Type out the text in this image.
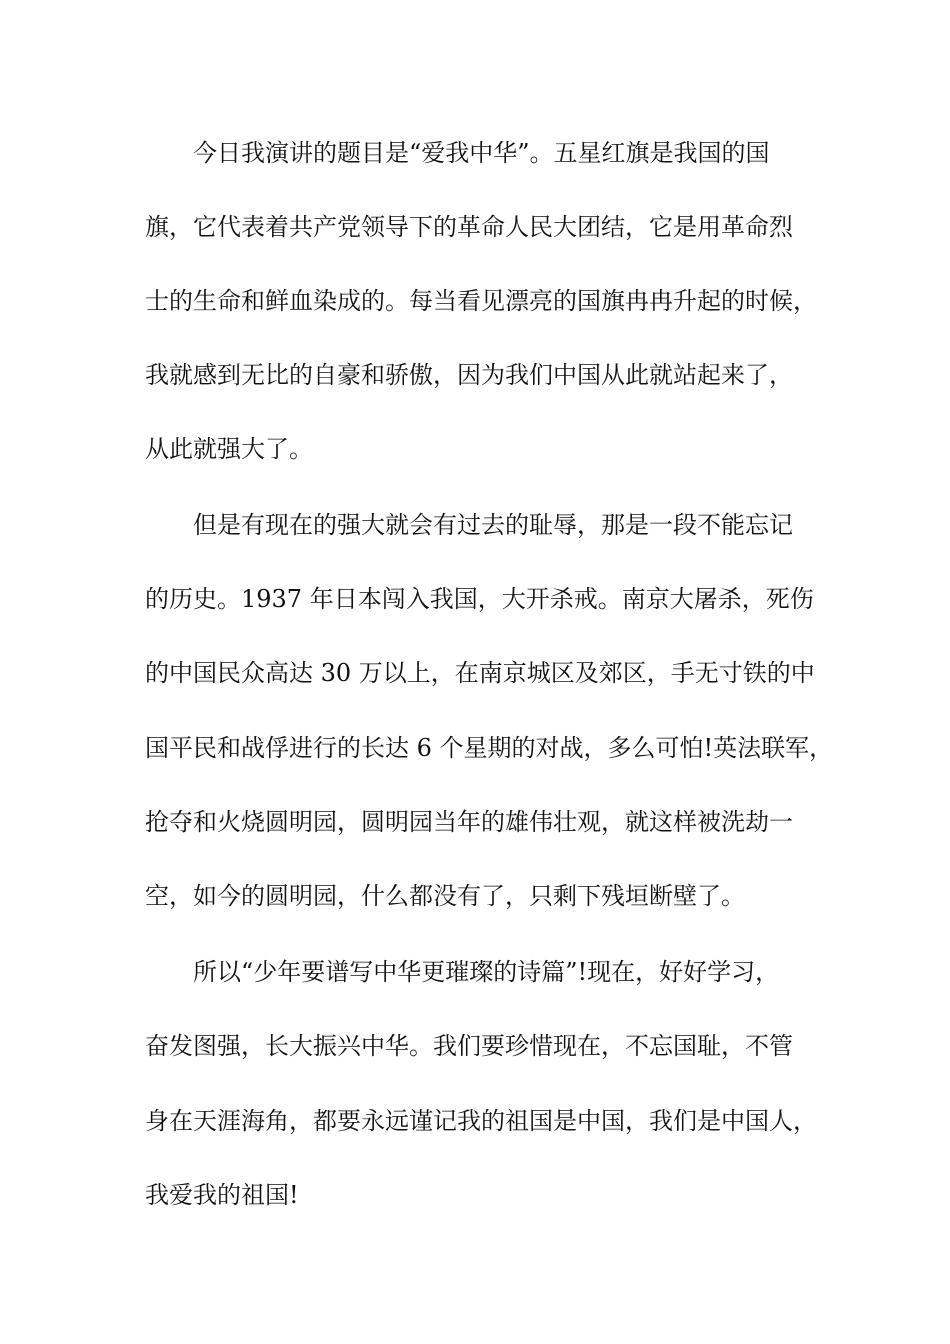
今日我演讲的题目是“爱我中华”。五星红旗是我国的国
旗，它代表着共产党领导下的革命人民大团结，它是用革命烈
士的生命和鲜血染成的。每当看见漂亮的国旗冉冉升起的时候，
我就感到无比的自豪和骄傲，因为我们中国从此就站起来了，
从此就强大了。
但是有现在的强大就会有过去的耻辱，那是一段不能忘记
的历史。1937 年日本闯入我国，大开杀戒。南京大屠杀，死伤
的中国民众高达 30 万以上，在南京城区及郊区，手无寸铁的中
国平民和战俘进行的长达 6 个星期的对战，多么可怕!英法联军，
抢夺和火烧圆明园，圆明园当年的雄伟壮观，就这样被洗劫一
空，如今的圆明园，什么都没有了，只剩下残垣断壁了。
所以“少年要谱写中华更璀璨的诗篇”!现在，好好学习，
奋发图强，长大振兴中华。我们要珍惜现在，不忘国耻，不管
身在天涯海角，都要永远谨记我的祖国是中国，我们是中国人，
我爱我的祖国!
